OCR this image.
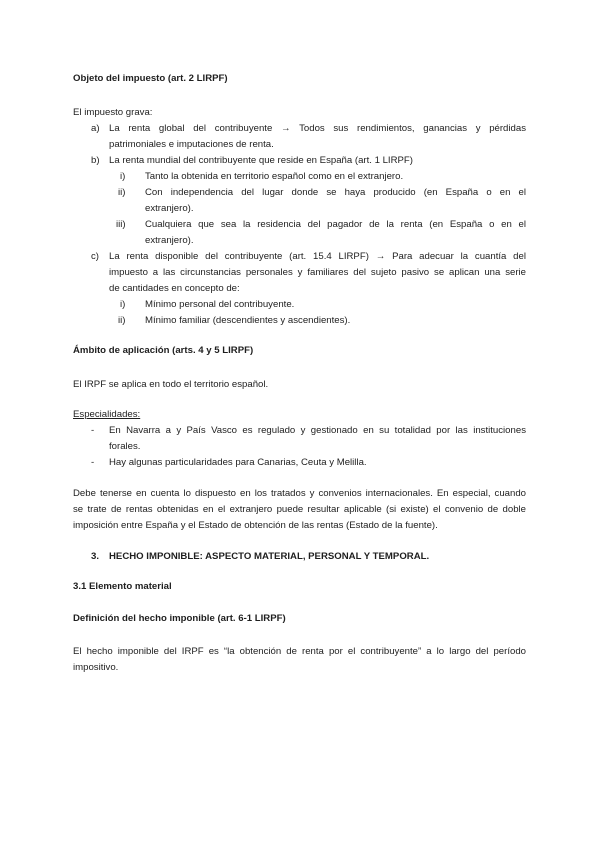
Objeto del impuesto (art. 2 LIRPF)
El impuesto grava:
a) La renta global del contribuyente → Todos sus rendimientos, ganancias y pérdidas
patrimoniales e imputaciones de renta.
b) La renta mundial del contribuyente que reside en España (art. 1 LIRPF)
i) Tanto la obtenida en territorio español como en el extranjero.
ii) Con independencia del lugar donde se haya producido (en España o en el
extranjero).
iii) Cualquiera que sea la residencia del pagador de la renta (en España o en el
extranjero).
c) La renta disponible del contribuyente (art. 15.4 LIRPF) → Para adecuar la cuantía del
impuesto a las circunstancias personales y familiares del sujeto pasivo se aplican una serie
de cantidades en concepto de:
i) Mínimo personal del contribuyente.
ii) Mínimo familiar (descendientes y ascendientes).
Ámbito de aplicación (arts. 4 y 5 LIRPF)
El IRPF se aplica en todo el territorio español.
Especialidades:
- En Navarra a y País Vasco es regulado y gestionado en su totalidad por las instituciones
forales.
- Hay algunas particularidades para Canarias, Ceuta y Melilla.
Debe tenerse en cuenta lo dispuesto en los tratados y convenios internacionales. En especial, cuando
se trate de rentas obtenidas en el extranjero puede resultar aplicable (si existe) el convenio de doble
imposición entre España y el Estado de obtención de las rentas (Estado de la fuente).
3. HECHO IMPONIBLE: ASPECTO MATERIAL, PERSONAL Y TEMPORAL.
3.1 Elemento material
Definición del hecho imponible (art. 6-1 LIRPF)
El hecho imponible del IRPF es “la obtención de renta por el contribuyente” a lo largo del período
impositivo.
